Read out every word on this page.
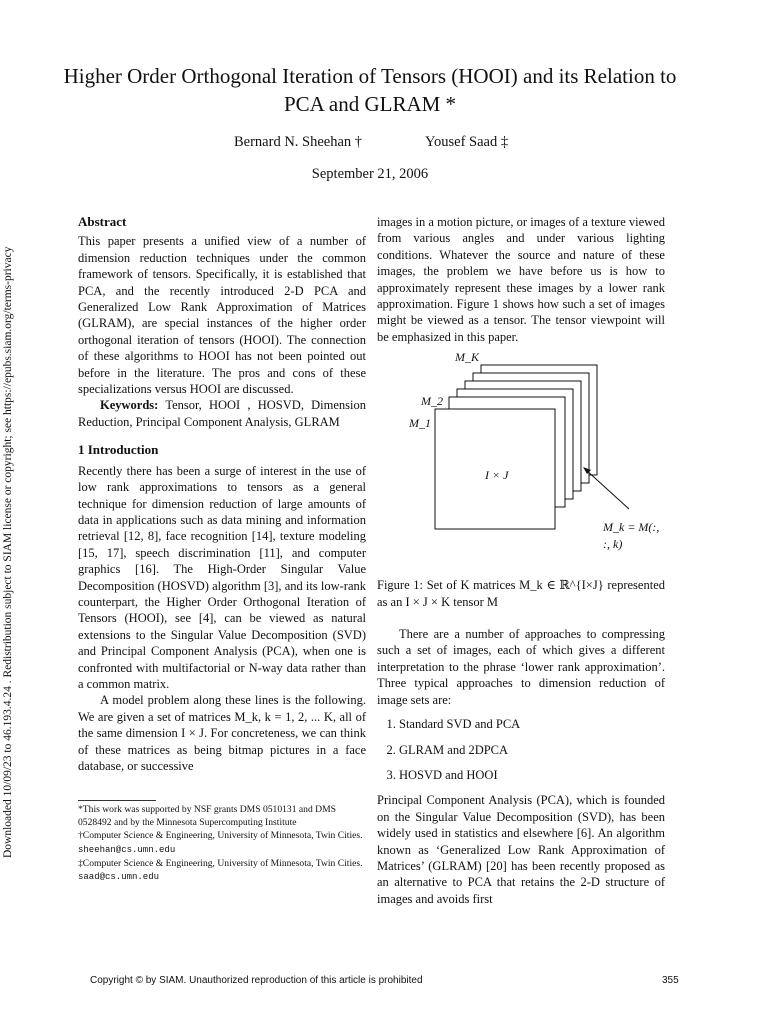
Downloaded 10/09/23 to 46.193.4.24 . Redistribution subject to SIAM license or copyright; see https://epubs.siam.org/terms-privacy
Higher Order Orthogonal Iteration of Tensors (HOOI) and its Relation to PCA and GLRAM *
Bernard N. Sheehan †	Yousef Saad ‡
September 21, 2006
Abstract

This paper presents a unified view of a number of dimension reduction techniques under the common framework of tensors. Specifically, it is established that PCA, and the recently introduced 2-D PCA and Generalized Low Rank Approximation of Matrices (GLRAM), are special instances of the higher order orthogonal iteration of tensors (HOOI). The connection of these algorithms to HOOI has not been pointed out before in the literature. The pros and cons of these specializations versus HOOI are discussed.

Keywords: Tensor, HOOI , HOSVD, Dimension Reduction, Principal Component Analysis, GLRAM

1 Introduction

Recently there has been a surge of interest in the use of low rank approximations to tensors as a general technique for dimension reduction of large amounts of data in applications such as data mining and information retrieval [12, 8], face recognition [14], texture modeling [15, 17], speech discrimination [11], and computer graphics [16]. The High-Order Singular Value Decomposition (HOSVD) algorithm [3], and its low-rank counterpart, the Higher Order Orthogonal Iteration of Tensors (HOOI), see [4], can be viewed as natural extensions to the Singular Value Decomposition (SVD) and Principal Component Analysis (PCA), when one is confronted with multifactorial or N-way data rather than a common matrix.

A model problem along these lines is the following. We are given a set of matrices M_k, k = 1, 2, ... K, all of the same dimension I × J. For concreteness, we can think of these matrices as being bitmap pictures in a face database, or successive

*This work was supported by NSF grants DMS 0510131 and DMS 0528492 and by the Minnesota Supercomputing Institute
†Computer Science & Engineering, University of Minnesota, Twin Cities. sheehan@cs.umn.edu
‡Computer Science & Engineering, University of Minnesota, Twin Cities. saad@cs.umn.edu

images in a motion picture, or images of a texture viewed from various angles and under various lighting conditions. Whatever the source and nature of these images, the problem we have before us is how to approximately represent these images by a lower rank approximation. Figure 1 shows how such a set of images might be viewed as a tensor. The tensor viewpoint will be emphasized in this paper.

M_K
M_2
M_1
I × J
M_k = M(:, :, k)

Figure 1: Set of K matrices M_k ∈ ℝ^{I×J} represented as an I × J × K tensor M

There are a number of approaches to compressing such a set of images, each of which gives a different interpretation to the phrase ‘lower rank approximation’. Three typical approaches to dimension reduction of image sets are:

1. Standard SVD and PCA
2. GLRAM and 2DPCA
3. HOSVD and HOOI

Principal Component Analysis (PCA), which is founded on the Singular Value Decomposition (SVD), has been widely used in statistics and elsewhere [6]. An algorithm known as ‘Generalized Low Rank Approximation of Matrices’ (GLRAM) [20] has been recently proposed as an alternative to PCA that retains the 2-D structure of images and avoids first

Copyright © by SIAM. Unauthorized reproduction of this article is prohibited	355
